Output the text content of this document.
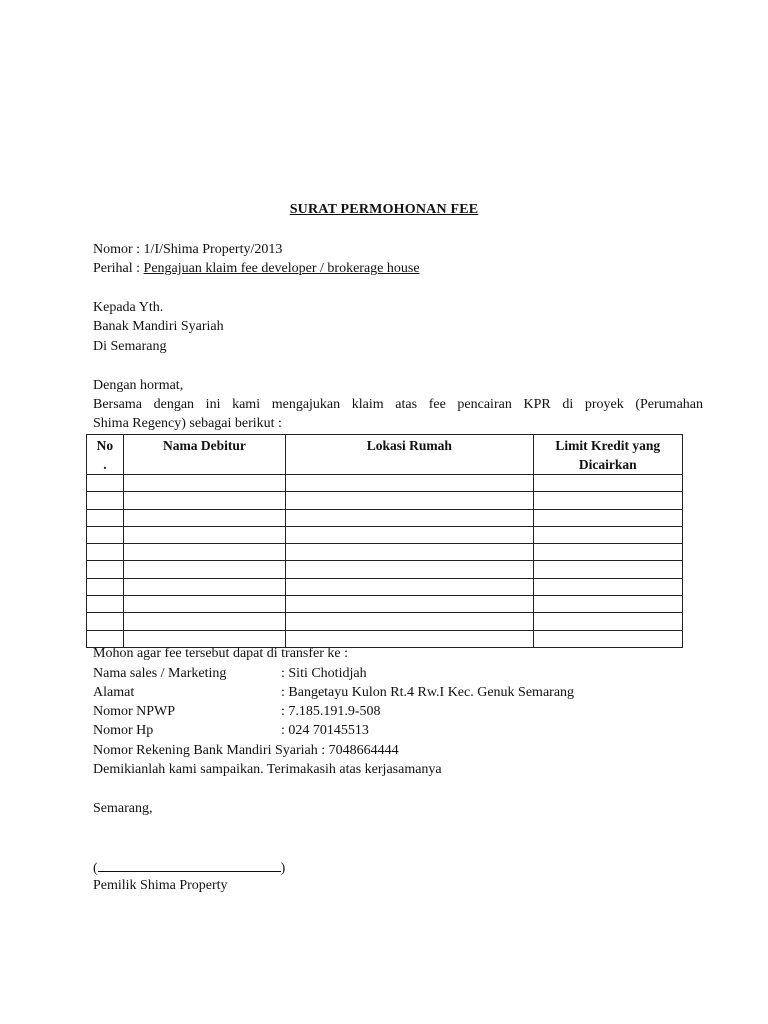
SURAT PERMOHONAN FEE
Nomor : 1/I/Shima Property/2013
Perihal : Pengajuan klaim fee developer / brokerage house
Kepada Yth.
Banak Mandiri Syariah
Di Semarang
Dengan hormat,
Bersama dengan ini kami mengajukan klaim atas fee pencairan KPR di proyek (Perumahan
Shima Regency) sebagai berikut :
No
.	Nama Debitur	Lokasi Rumah	Limit Kredit yang Dicairkan

Mohon agar fee tersebut dapat di transfer ke :
Nama sales / Marketing	: Siti Chotidjah
Alamat	: Bangetayu Kulon Rt.4 Rw.I Kec. Genuk Semarang
Nomor NPWP	: 7.185.191.9-508
Nomor Hp	: 024 70145513
Nomor Rekening Bank Mandiri Syariah : 7048664444
Demikianlah kami sampaikan. Terimakasih atas kerjasamanya
Semarang,
(	)
Pemilik Shima Property
